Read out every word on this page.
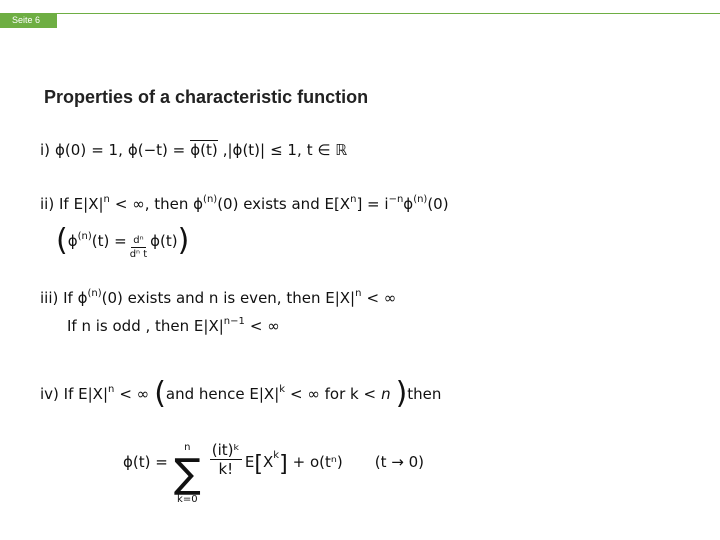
Seite 6
Properties of a characteristic function
i) ϕ(0) = 1, ϕ(−t) = ϕ(t) , |ϕ(t)| ≤ 1, t ∈ ℝ
ii) If E|X| n < ∞, then ϕ (n) (0) exists and E[X n ] = i −n ϕ (n) (0)
( ϕ (n) $(t) = \frac{\text{dⁿ}}{\text{dⁿ t}} \phi(t)$ )
iii) If ϕ (n) (0) exists and n is even, then E|X| n < ∞
If n is odd , then E|X| n−1 < ∞
iv) If E|X| n < ∞ ( and hence E|X| k < ∞ for k < n ) then
ϕ(t) =
n
∑
k=0
$\frac{\text{(it)ᵏ}}{k!}$ E [ X k ] + o(tⁿ) (t → 0)
